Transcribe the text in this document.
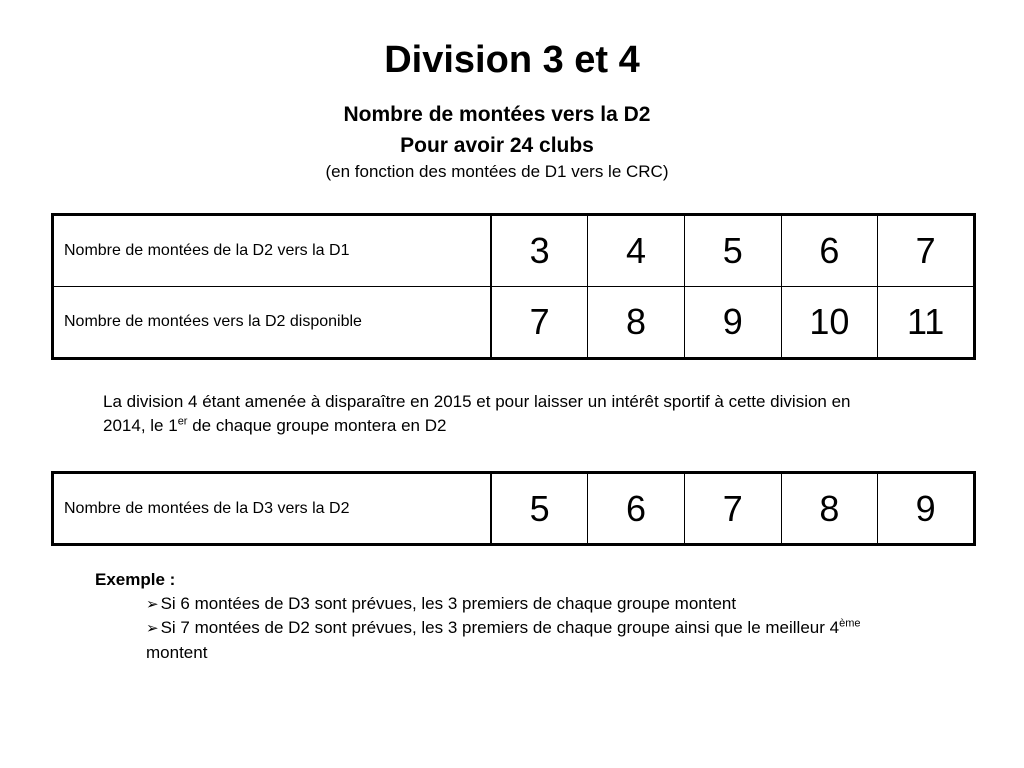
Division 3 et 4
Nombre de montées vers la D2
Pour avoir 24 clubs
(en fonction des montées de D1 vers le CRC)
Nombre de montées de la D2 vers la D1	3	4	5	6	7
Nombre de montées vers la D2 disponible	7	8	9	10	11
La division 4 étant amenée à disparaître en 2015 et pour laisser un intérêt sportif à cette division en 2014, le 1er de chaque groupe montera en D2
Nombre de montées de la D3 vers la D2	5	6	7	8	9
Exemple :
➢ Si 6 montées de D3 sont prévues, les 3 premiers de chaque groupe montent
➢ Si 7 montées de D2 sont prévues, les 3 premiers de chaque groupe ainsi que le meilleur 4ème montent
